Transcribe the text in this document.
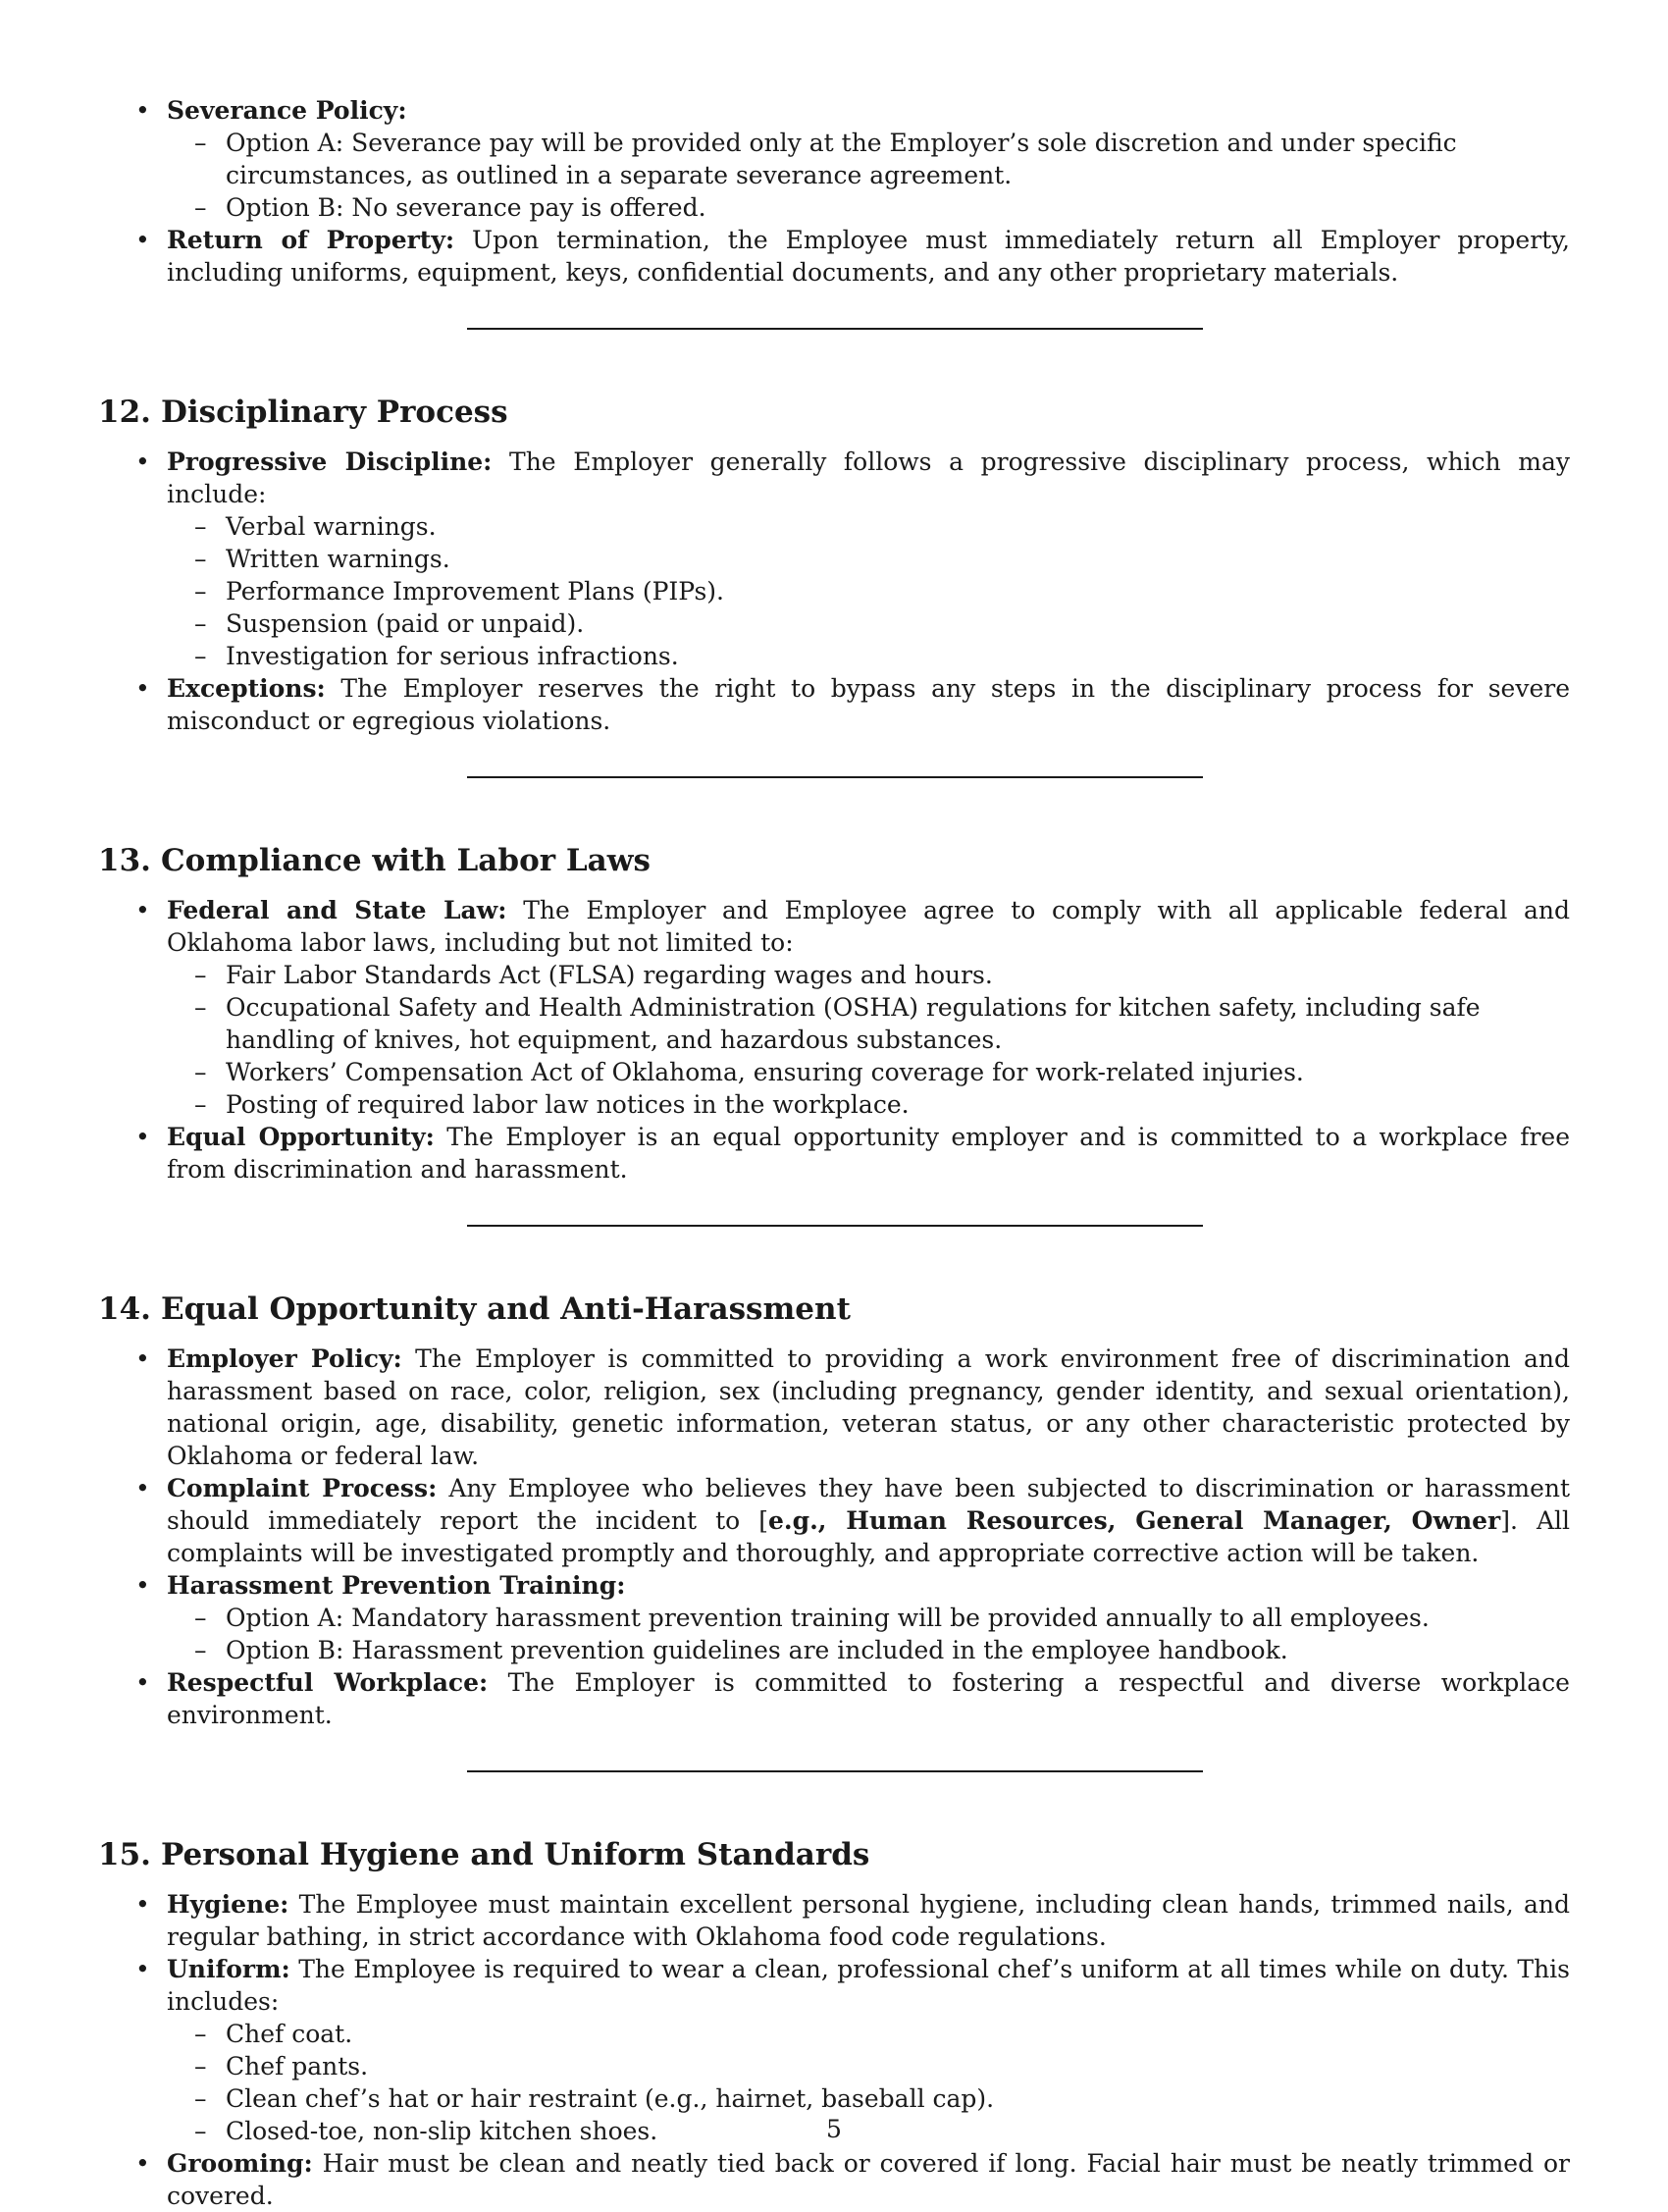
• Severance Policy:
– Option A: Severance pay will be provided only at the Employer’s sole discretion and under specific circumstances, as outlined in a separate severance agreement.
– Option B: No severance pay is offered.
• Return of Property: Upon termination, the Employee must immediately return all Employer property, including uniforms, equipment, keys, confidential documents, and any other proprietary materials.
12. Disciplinary Process
• Progressive Discipline: The Employer generally follows a progressive disciplinary process, which may include:
– Verbal warnings.
– Written warnings.
– Performance Improvement Plans (PIPs).
– Suspension (paid or unpaid).
– Investigation for serious infractions.
• Exceptions: The Employer reserves the right to bypass any steps in the disciplinary process for severe misconduct or egregious violations.
13. Compliance with Labor Laws
• Federal and State Law: The Employer and Employee agree to comply with all applicable federal and Oklahoma labor laws, including but not limited to:
– Fair Labor Standards Act (FLSA) regarding wages and hours.
– Occupational Safety and Health Administration (OSHA) regulations for kitchen safety, including safe handling of knives, hot equipment, and hazardous substances.
– Workers’ Compensation Act of Oklahoma, ensuring coverage for work-related injuries.
– Posting of required labor law notices in the workplace.
• Equal Opportunity: The Employer is an equal opportunity employer and is committed to a workplace free from discrimination and harassment.
14. Equal Opportunity and Anti-Harassment
• Employer Policy: The Employer is committed to providing a work environment free of discrimination and harassment based on race, color, religion, sex (including pregnancy, gender identity, and sexual orientation), national origin, age, disability, genetic information, veteran status, or any other characteristic protected by Oklahoma or federal law.
• Complaint Process: Any Employee who believes they have been subjected to discrimination or harassment should immediately report the incident to [e.g., Human Resources, General Manager, Owner]. All complaints will be investigated promptly and thoroughly, and appropriate corrective action will be taken.
• Harassment Prevention Training:
– Option A: Mandatory harassment prevention training will be provided annually to all employees.
– Option B: Harassment prevention guidelines are included in the employee handbook.
• Respectful Workplace: The Employer is committed to fostering a respectful and diverse workplace environment.
15. Personal Hygiene and Uniform Standards
• Hygiene: The Employee must maintain excellent personal hygiene, including clean hands, trimmed nails, and regular bathing, in strict accordance with Oklahoma food code regulations.
• Uniform: The Employee is required to wear a clean, professional chef’s uniform at all times while on duty. This includes:
– Chef coat.
– Chef pants.
– Clean chef’s hat or hair restraint (e.g., hairnet, baseball cap).
– Closed-toe, non-slip kitchen shoes.
• Grooming: Hair must be clean and neatly tied back or covered if long. Facial hair must be neatly trimmed or covered.
5
